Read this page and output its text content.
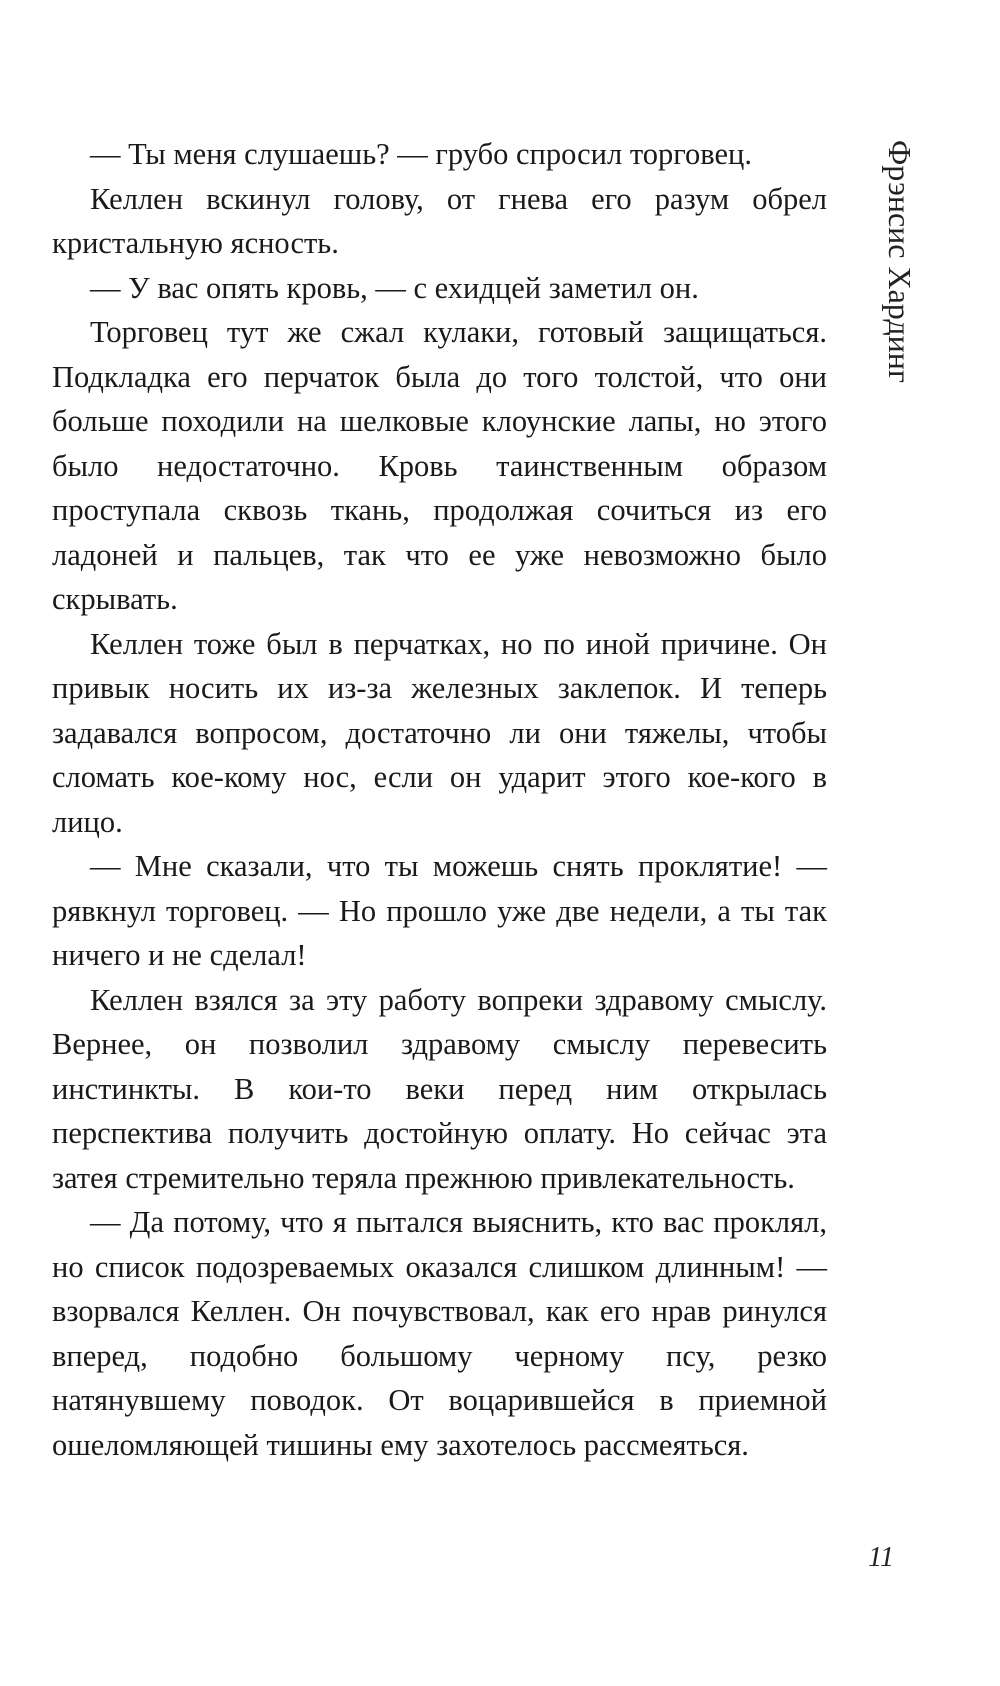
— Ты меня слушаешь? — грубо спросил торговец.

Келлен вскинул голову, от гнева его разум обрел кристальную ясность.

— У вас опять кровь, — с ехидцей заметил он.

Торговец тут же сжал кулаки, готовый защищаться. Подкладка его перчаток была до того толстой, что они больше походили на шелковые клоунские лапы, но этого было недостаточно. Кровь таинственным образом проступала сквозь ткань, продолжая сочиться из его ладоней и пальцев, так что ее уже невозможно было скрывать.

Келлен тоже был в перчатках, но по иной причине. Он привык носить их из-за железных заклепок. И теперь задавался вопросом, достаточно ли они тяжелы, чтобы сломать кое-кому нос, если он ударит этого кое-кого в лицо.

— Мне сказали, что ты можешь снять проклятие! — рявкнул торговец. — Но прошло уже две недели, а ты так ничего и не сделал!

Келлен взялся за эту работу вопреки здравому смыслу. Вернее, он позволил здравому смыслу перевесить инстинкты. В кои-то веки перед ним открылась перспектива получить достойную оплату. Но сейчас эта затея стремительно теряла прежнюю привлекательность.

— Да потому, что я пытался выяснить, кто вас проклял, но список подозреваемых оказался слишком длинным! — взорвался Келлен. Он почувствовал, как его нрав ринулся вперед, подобно большому черному псу, резко натянувшему поводок. От воцарившейся в приемной ошеломляющей тишины ему захотелось рассмеяться.

Фрэнсис Хардинг
11
